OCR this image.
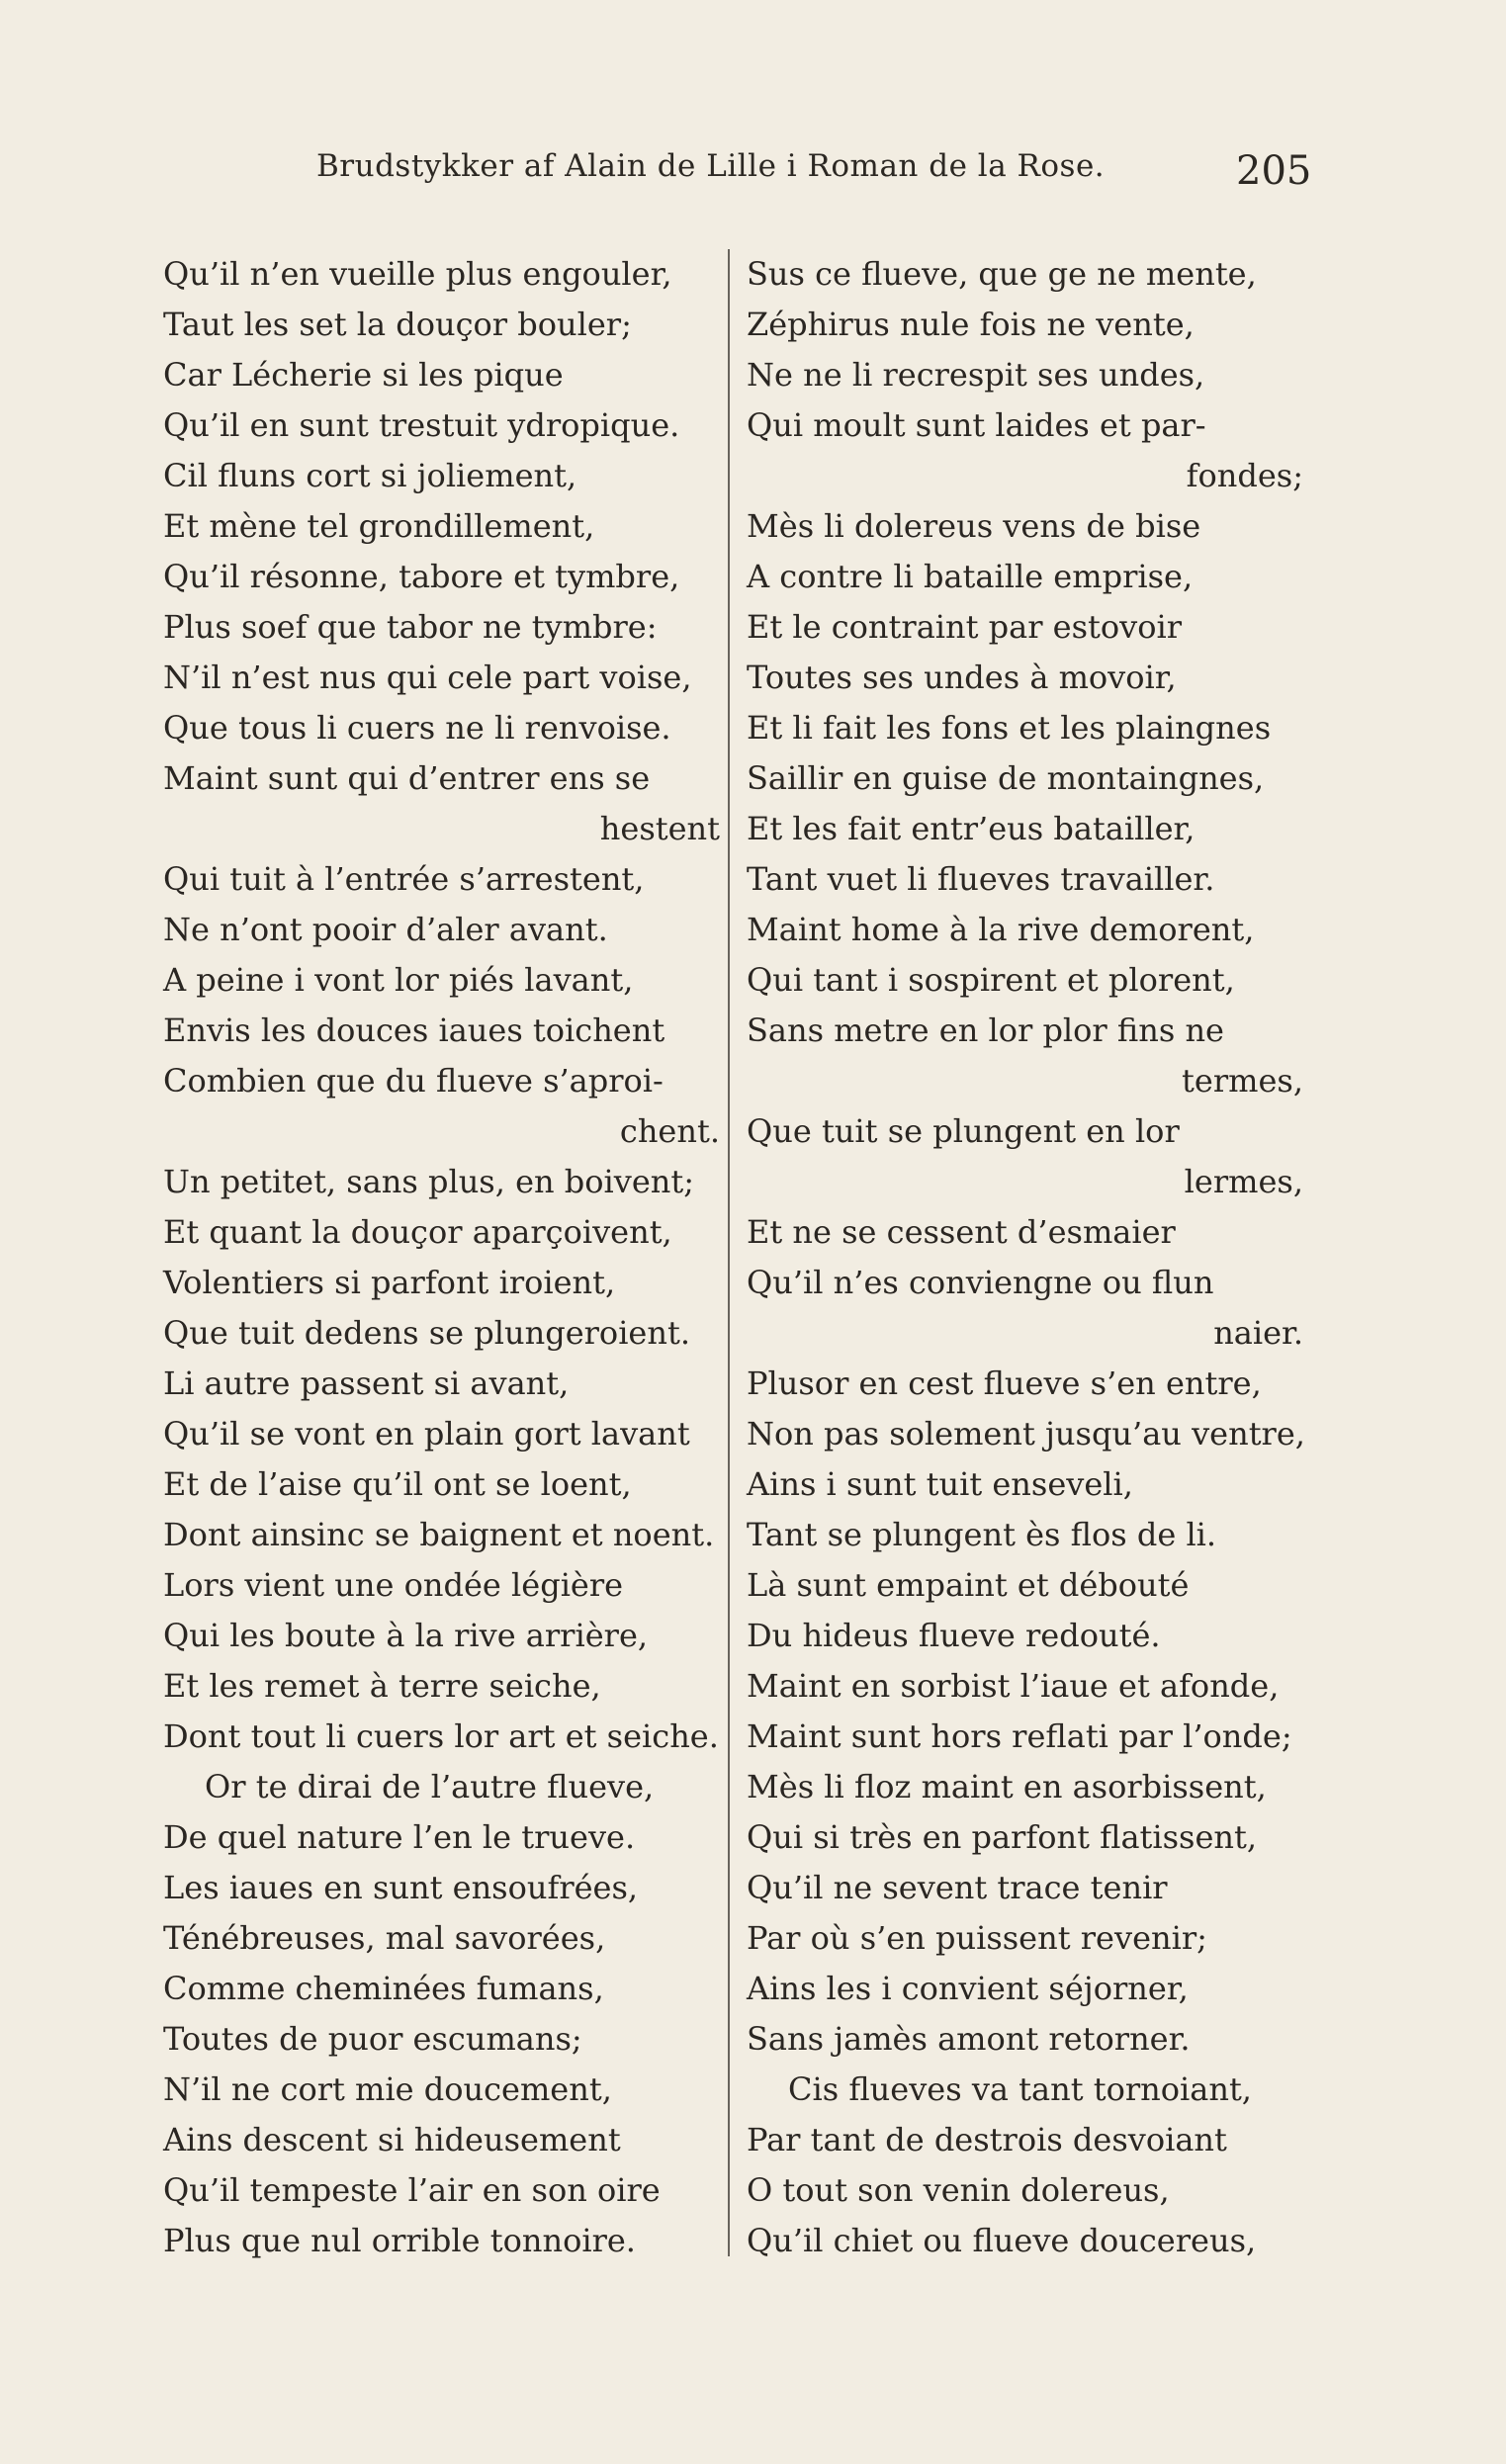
Brudstykker af Alain de Lille i Roman de la Rose.	205
Qu’il n’en vueille plus engouler,
Taut les set la douçor bouler;
Car Lécherie si les pique
Qu’il en sunt trestuit ydropique.
Cil fluns cort si joliement,
Et mène tel grondillement,
Qu’il résonne, tabore et tymbre,
Plus soef que tabor ne tymbre:
N’il n’est nus qui cele part voise,
Que tous li cuers ne li renvoise.
Maint sunt qui d’entrer ens se
hestent
Qui tuit à l’entrée s’arrestent,
Ne n’ont pooir d’aler avant.
A peine i vont lor piés lavant,
Envis les douces iaues toichent
Combien que du flueve s’aproi-
chent.
Un petitet, sans plus, en boivent;
Et quant la douçor aparçoivent,
Volentiers si parfont iroient,
Que tuit dedens se plungeroient.
Li autre passent si avant,
Qu’il se vont en plain gort lavant
Et de l’aise qu’il ont se loent,
Dont ainsinc se baignent et noent.
Lors vient une ondée légière
Qui les boute à la rive arrière,
Et les remet à terre seiche,
Dont tout li cuers lor art et seiche.
Or te dirai de l’autre flueve,
De quel nature l’en le trueve.
Les iaues en sunt ensoufrées,
Ténébreuses, mal savorées,
Comme cheminées fumans,
Toutes de puor escumans;
N’il ne cort mie doucement,
Ains descent si hideusement
Qu’il tempeste l’air en son oire
Plus que nul orrible tonnoire.
Sus ce flueve, que ge ne mente,
Zéphirus nule fois ne vente,
Ne ne li recrespit ses undes,
Qui moult sunt laides et par-
fondes;
Mès li dolereus vens de bise
A contre li bataille emprise,
Et le contraint par estovoir
Toutes ses undes à movoir,
Et li fait les fons et les plaingnes
Saillir en guise de montaingnes,
Et les fait entr’eus batailler,
Tant vuet li flueves travailler.
Maint home à la rive demorent,
Qui tant i sospirent et plorent,
Sans metre en lor plor fins ne
termes,
Que tuit se plungent en lor
lermes,
Et ne se cessent d’esmaier
Qu’il n’es conviengne ou flun
naier.
Plusor en cest flueve s’en entre,
Non pas solement jusqu’au ventre,
Ains i sunt tuit enseveli,
Tant se plungent ès flos de li.
Là sunt empaint et débouté
Du hideus flueve redouté.
Maint en sorbist l’iaue et afonde,
Maint sunt hors reflati par l’onde;
Mès li floz maint en asorbissent,
Qui si très en parfont flatissent,
Qu’il ne sevent trace tenir
Par où s’en puissent revenir;
Ains les i convient séjorner,
Sans jamès amont retorner.
Cis flueves va tant tornoiant,
Par tant de destrois desvoiant
O tout son venin dolereus,
Qu’il chiet ou flueve doucereus,
